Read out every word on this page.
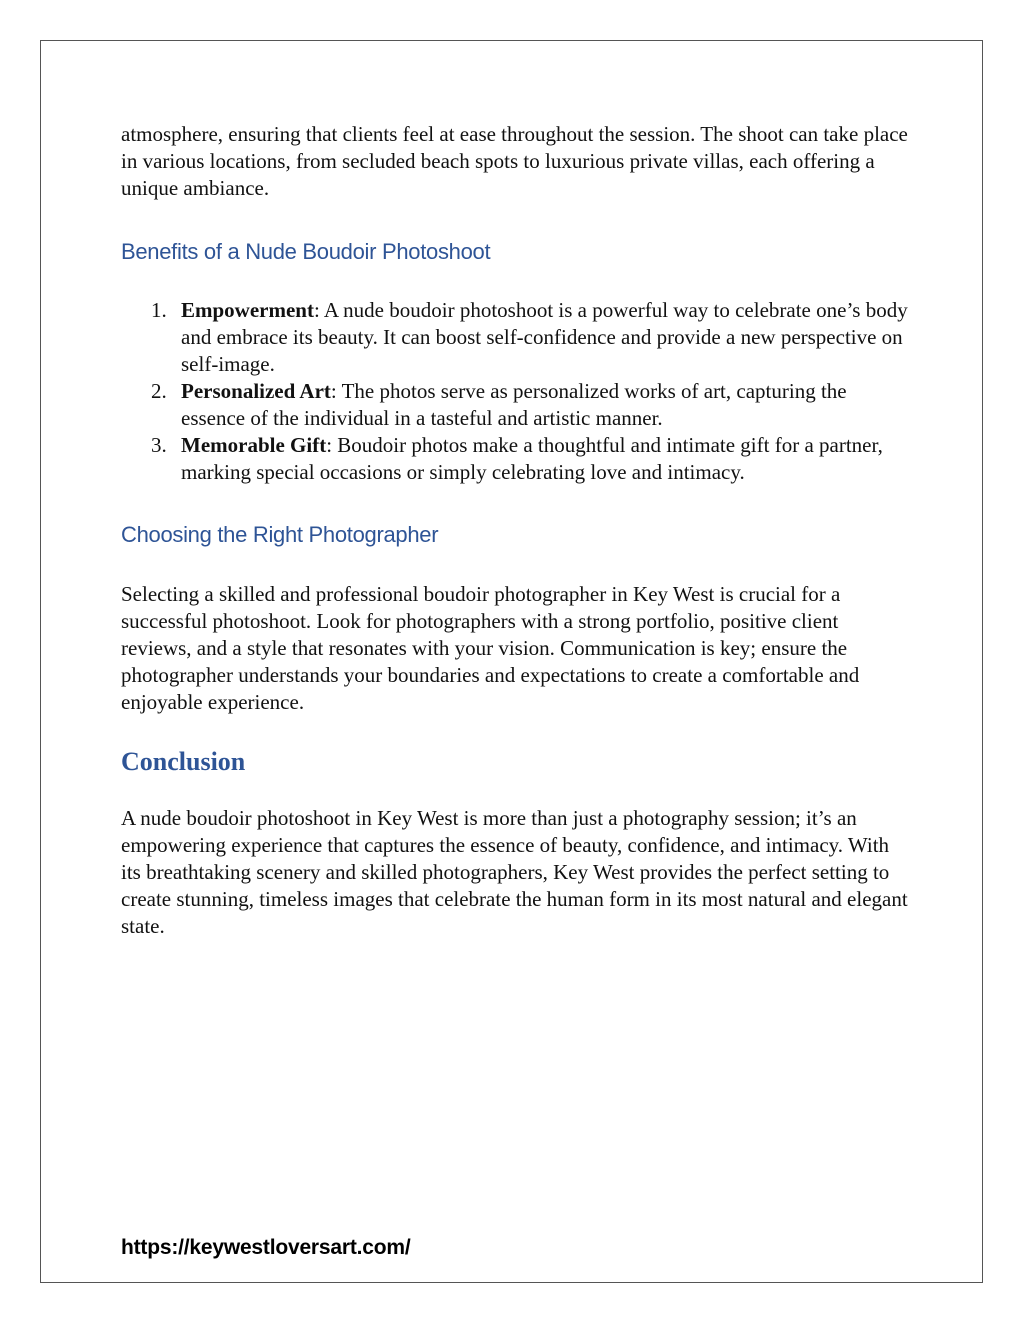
atmosphere, ensuring that clients feel at ease throughout the session. The shoot can take place in various locations, from secluded beach spots to luxurious private villas, each offering a unique ambiance.

Benefits of a Nude Boudoir Photoshoot
1. Empowerment: A nude boudoir photoshoot is a powerful way to celebrate one’s body and embrace its beauty. It can boost self-confidence and provide a new perspective on self-image.
2. Personalized Art: The photos serve as personalized works of art, capturing the essence of the individual in a tasteful and artistic manner.
3. Memorable Gift: Boudoir photos make a thoughtful and intimate gift for a partner, marking special occasions or simply celebrating love and intimacy.
Choosing the Right Photographer

Selecting a skilled and professional boudoir photographer in Key West is crucial for a successful photoshoot. Look for photographers with a strong portfolio, positive client reviews, and a style that resonates with your vision. Communication is key; ensure the photographer understands your boundaries and expectations to create a comfortable and enjoyable experience.

Conclusion

A nude boudoir photoshoot in Key West is more than just a photography session; it’s an empowering experience that captures the essence of beauty, confidence, and intimacy. With its breathtaking scenery and skilled photographers, Key West provides the perfect setting to create stunning, timeless images that celebrate the human form in its most natural and elegant state.

https://keywestloversart.com/
